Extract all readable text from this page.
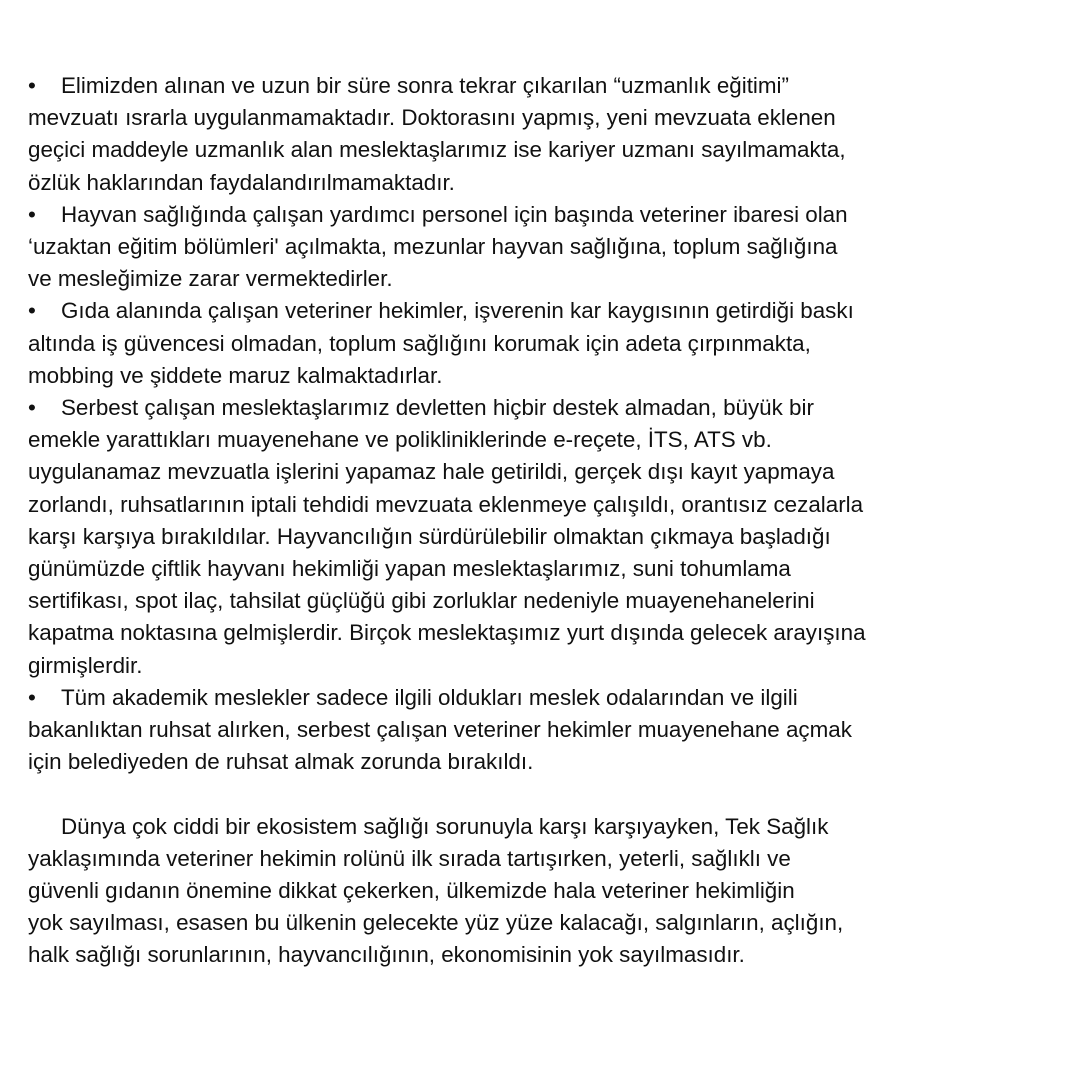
• Elimizden alınan ve uzun bir süre sonra tekrar çıkarılan “uzmanlık eğitimi”
mevzuatı ısrarla uygulanmamaktadır. Doktorasını yapmış, yeni mevzuata eklenen
geçici maddeyle uzmanlık alan meslektaşlarımız ise kariyer uzmanı sayılmamakta,
özlük haklarından faydalandırılmamaktadır.
• Hayvan sağlığında çalışan yardımcı personel için başında veteriner ibaresi olan
‘uzaktan eğitim bölümleri' açılmakta, mezunlar hayvan sağlığına, toplum sağlığına
ve mesleğimize zarar vermektedirler.
• Gıda alanında çalışan veteriner hekimler, işverenin kar kaygısının getirdiği baskı
altında iş güvencesi olmadan, toplum sağlığını korumak için adeta çırpınmakta,
mobbing ve şiddete maruz kalmaktadırlar.
• Serbest çalışan meslektaşlarımız devletten hiçbir destek almadan, büyük bir
emekle yarattıkları muayenehane ve polikliniklerinde e-reçete, İTS, ATS vb.
uygulanamaz mevzuatla işlerini yapamaz hale getirildi, gerçek dışı kayıt yapmaya
zorlandı, ruhsatlarının iptali tehdidi mevzuata eklenmeye çalışıldı, orantısız cezalarla
karşı karşıya bırakıldılar. Hayvancılığın sürdürülebilir olmaktan çıkmaya başladığı
günümüzde çiftlik hayvanı hekimliği yapan meslektaşlarımız, suni tohumlama
sertifikası, spot ilaç, tahsilat güçlüğü gibi zorluklar nedeniyle muayenehanelerini
kapatma noktasına gelmişlerdir. Birçok meslektaşımız yurt dışında gelecek arayışına
girmişlerdir.
• Tüm akademik meslekler sadece ilgili oldukları meslek odalarından ve ilgili
bakanlıktan ruhsat alırken, serbest çalışan veteriner hekimler muayenehane açmak
için belediyeden de ruhsat almak zorunda bırakıldı.
Dünya çok ciddi bir ekosistem sağlığı sorunuyla karşı karşıyayken, Tek Sağlık
yaklaşımında veteriner hekimin rolünü ilk sırada tartışırken, yeterli, sağlıklı ve
güvenli gıdanın önemine dikkat çekerken, ülkemizde hala veteriner hekimliğin
yok sayılması, esasen bu ülkenin gelecekte yüz yüze kalacağı, salgınların, açlığın,
halk sağlığı sorunlarının, hayvancılığının, ekonomisinin yok sayılmasıdır.
